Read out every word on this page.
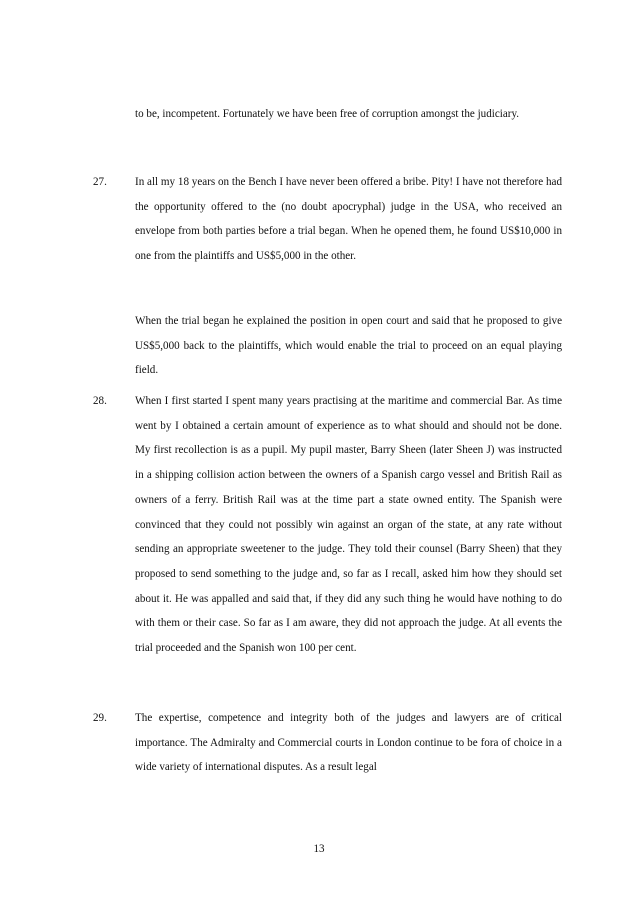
to be, incompetent. Fortunately we have been free of corruption amongst the judiciary.

27.	In all my 18 years on the Bench I have never been offered a bribe. Pity! I have not therefore had the opportunity offered to the (no doubt apocryphal) judge in the USA, who received an envelope from both parties before a trial began. When he opened them, he found US$10,000 in one from the plaintiffs and US$5,000 in the other.

When the trial began he explained the position in open court and said that he proposed to give US$5,000 back to the plaintiffs, which would enable the trial to proceed on an equal playing field.

28.	When I first started I spent many years practising at the maritime and commercial Bar. As time went by I obtained a certain amount of experience as to what should and should not be done. My first recollection is as a pupil. My pupil master, Barry Sheen (later Sheen J) was instructed in a shipping collision action between the owners of a Spanish cargo vessel and British Rail as owners of a ferry. British Rail was at the time part a state owned entity. The Spanish were convinced that they could not possibly win against an organ of the state, at any rate without sending an appropriate sweetener to the judge. They told their counsel (Barry Sheen) that they proposed to send something to the judge and, so far as I recall, asked him how they should set about it. He was appalled and said that, if they did any such thing he would have nothing to do with them or their case. So far as I am aware, they did not approach the judge. At all events the trial proceeded and the Spanish won 100 per cent.

29.	The expertise, competence and integrity both of the judges and lawyers are of critical importance. The Admiralty and Commercial courts in London continue to be fora of choice in a wide variety of international disputes. As a result legal

13
